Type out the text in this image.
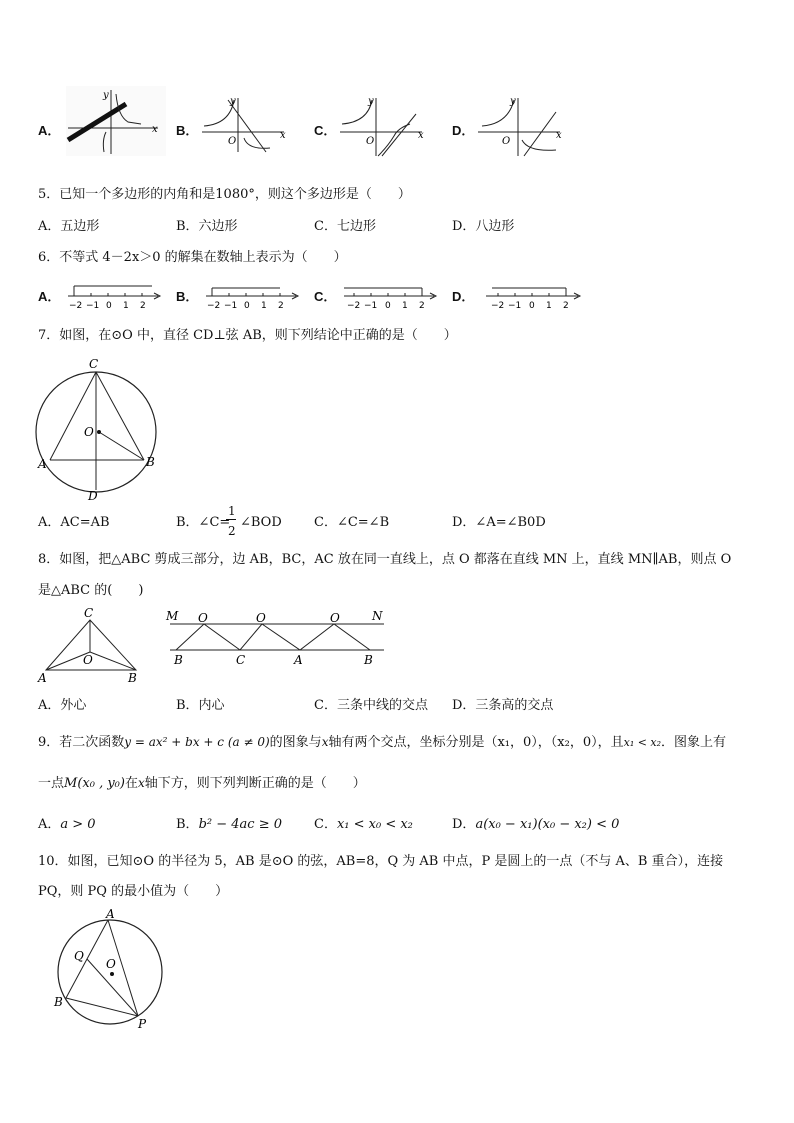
A．
y
x B．
y
x
O
C．
y
x
O
D．
y
x
O
5．已知一个多边形的内角和是1080°，则这个多边形是（　　）
A．五边形	B．六边形	C．七边形	D．八边形
6．不等式 4－2x＞0 的解集在数轴上表示为（　　）
A．	B．	C．	D．
−2 −1 0 1 2	−2 −1 0 1 2	−2 −1 0 1 2	−2 −1 0 1 2
7．如图，在⊙O 中，直径 CD⊥弦 AB，则下列结论中正确的是（　　）
C
O
A	B
D
A．AC=AB	B．∠C=
1
2
∠BOD C．∠C=∠B	D．∠A=∠B0D
8．如图，把△ABC 剪成三部分，边 AB，BC，AC 放在同一直线上，点 O 都落在直线 MN 上，直线 MN∥AB，则点 O
是△ABC 的(　　)
C
O
A	B
M O	O	O	N
B	C	A	B
A．外心	B．内心	C．三条中线的交点 D．三条高的交点
9．若二次函数y = ax² + bx + c (a ≠ 0)的图象与x轴有两个交点，坐标分别是（x₁，0），（x₂，0），且x₁ < x₂．图象上有
一点M(x₀ , y₀)在x轴下方，则下列判断正确的是（　　）
A．a > 0	B．b² − 4ac ≥ 0 C．x₁ < x₀ < x₂	D．a(x₀ − x₁)(x₀ − x₂) < 0
10．如图，已知⊙O 的半径为 5，AB 是⊙O 的弦，AB=8，Q 为 AB 中点，P 是圆上的一点（不与 A、B 重合），连接
PQ，则 PQ 的最小值为（　　）
A
Q
O
B
P
